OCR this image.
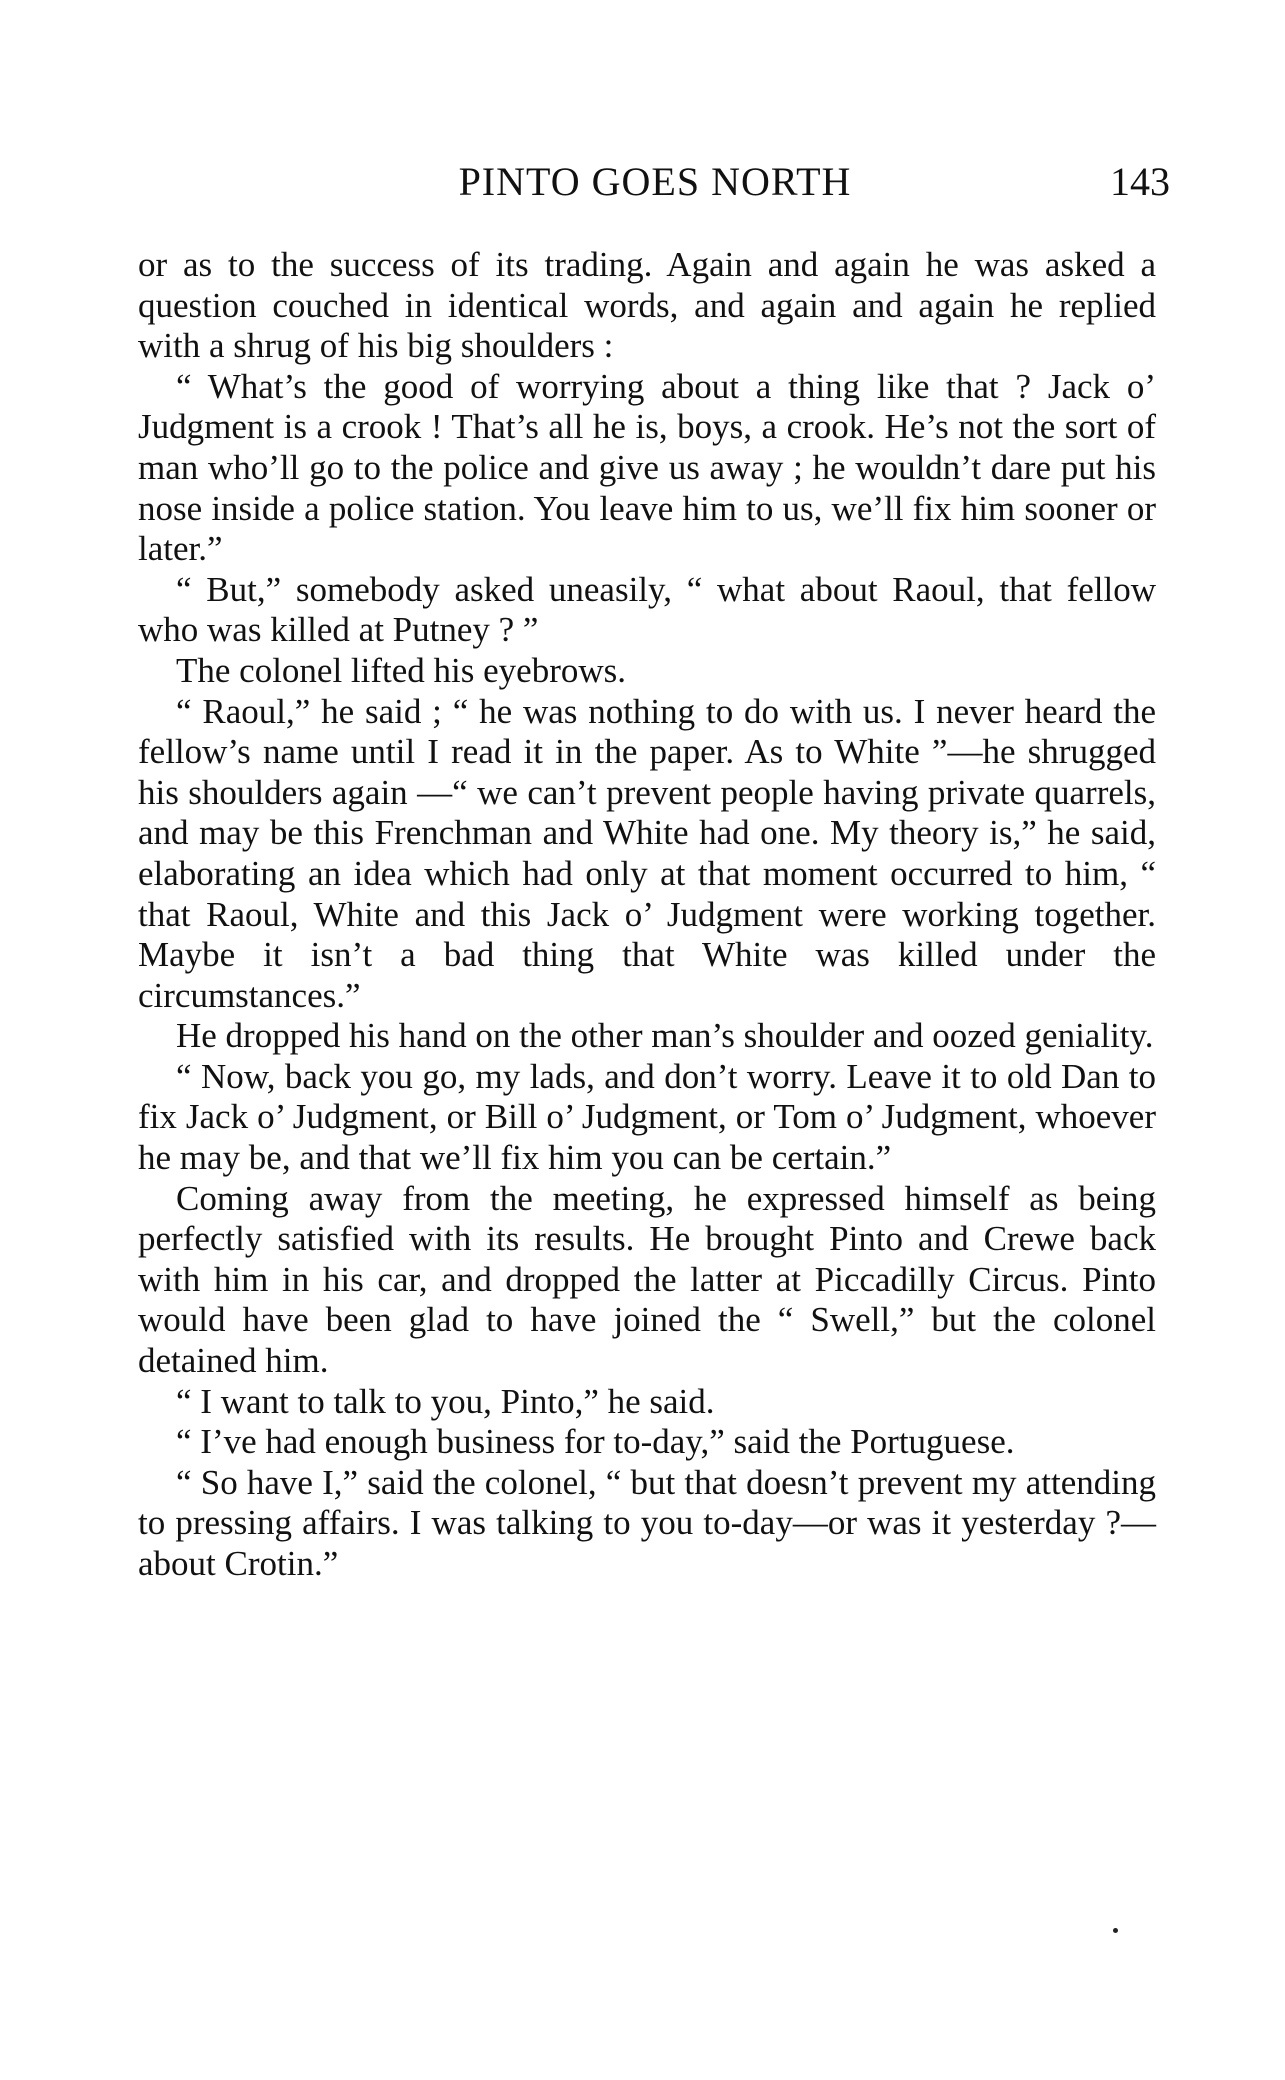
PINTO GOES NORTH	143

or as to the success of its trading. Again and again he was asked a question couched in identical words, and again and again he replied with a shrug of his big shoulders :

“ What’s the good of worrying about a thing like that ? Jack o’ Judgment is a crook ! That’s all he is, boys, a crook. He’s not the sort of man who’ll go to the police and give us away ; he wouldn’t dare put his nose inside a police station. You leave him to us, we’ll fix him sooner or later.”

“ But,” somebody asked uneasily, “ what about Raoul, that fellow who was killed at Putney ? ”

The colonel lifted his eyebrows.

“ Raoul,” he said ; “ he was nothing to do with us. I never heard the fellow’s name until I read it in the paper. As to White ”—he shrugged his shoulders again —“ we can’t prevent people having private quarrels, and may be this Frenchman and White had one. My theory is,” he said, elaborating an idea which had only at that moment occurred to him, “ that Raoul, White and this Jack o’ Judgment were working together. Maybe it isn’t a bad thing that White was killed under the circumstances.”

He dropped his hand on the other man’s shoulder and oozed geniality.

“ Now, back you go, my lads, and don’t worry. Leave it to old Dan to fix Jack o’ Judgment, or Bill o’ Judgment, or Tom o’ Judgment, whoever he may be, and that we’ll fix him you can be certain.”

Coming away from the meeting, he expressed himself as being perfectly satisfied with its results. He brought Pinto and Crewe back with him in his car, and dropped the latter at Piccadilly Circus. Pinto would have been glad to have joined the “ Swell,” but the colonel detained him.

“ I want to talk to you, Pinto,” he said.

“ I’ve had enough business for to-day,” said the Portuguese.

“ So have I,” said the colonel, “ but that doesn’t prevent my attending to pressing affairs. I was talking to you to-day—or was it yesterday ?—about Crotin.”
